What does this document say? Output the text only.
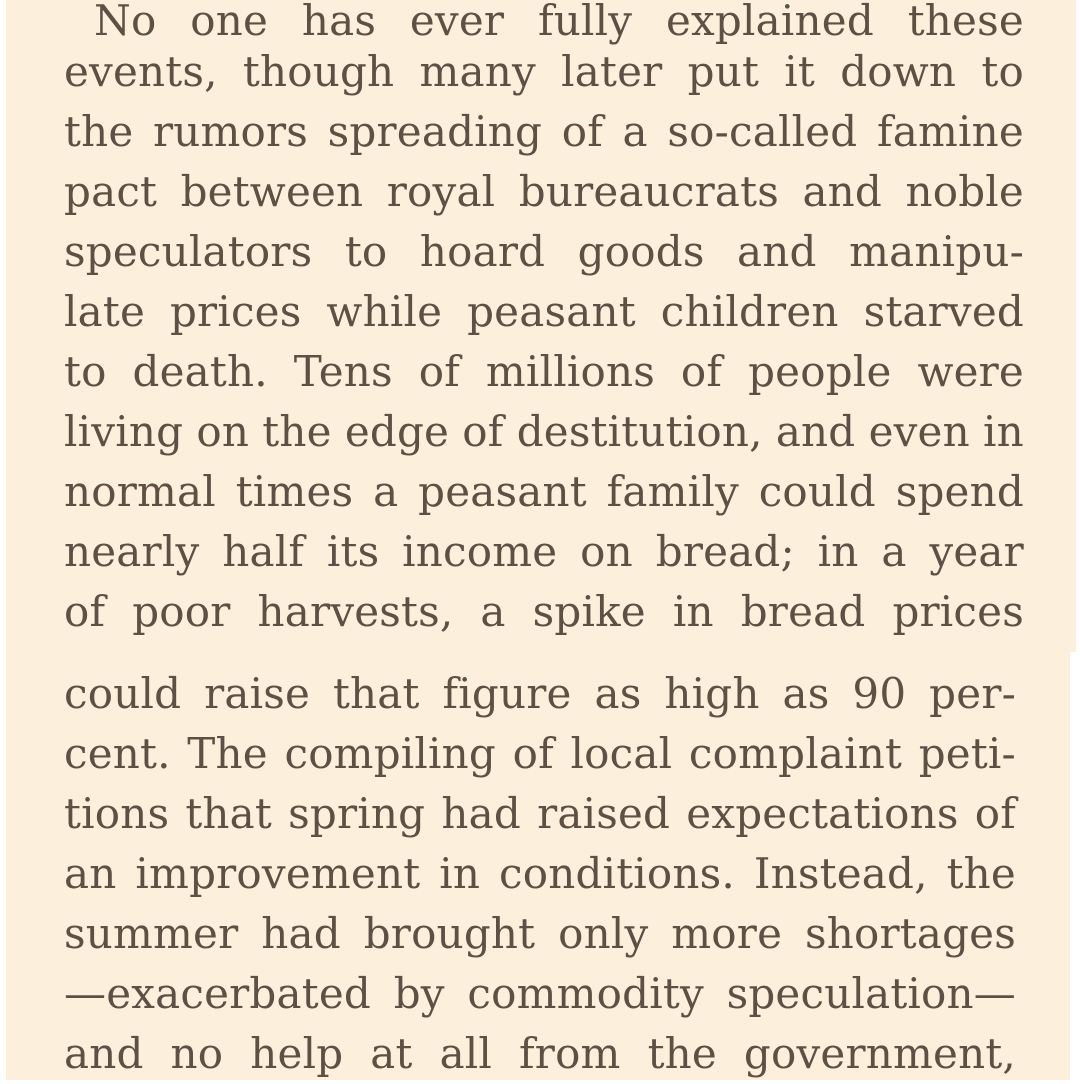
No one has ever fully explained these
events, though many later put it down to
the rumors spreading of a so-called famine
pact between royal bureaucrats and noble
speculators to hoard goods and manipu-
late prices while peasant children starved
to death. Tens of millions of people were
living on the edge of destitution, and even in
normal times a peasant family could spend
nearly half its income on bread; in a year
of poor harvests, a spike in bread prices
could raise that figure as high as 90 per-
cent. The compiling of local complaint peti-
tions that spring had raised expectations of
an improvement in conditions. Instead, the
summer had brought only more shortages
—exacerbated by commodity speculation—
and no help at all from the government,
